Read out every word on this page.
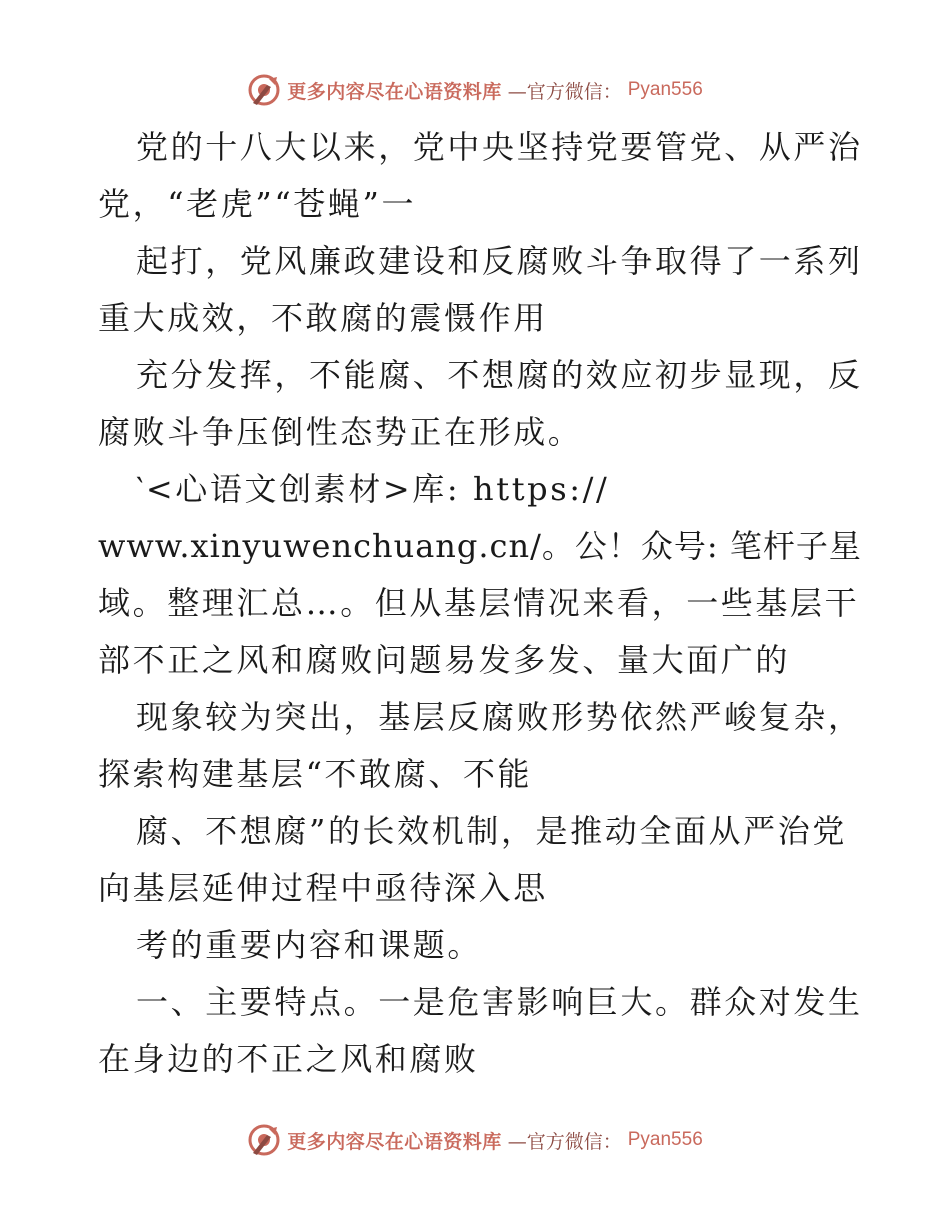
更多内容尽在心语资料库 —官方微信： Pyan556
党的十八大以来，党中央坚持党要管党、从严治
党，“老虎”“苍蝇”一
起打，党风廉政建设和反腐败斗争取得了一系列
重大成效，不敢腐的震慑作用
充分发挥，不能腐、不想腐的效应初步显现，反
腐败斗争压倒性态势正在形成。
‵<心语文创素材>库: https://
www.xinyuwenchuang.cn/。公！众号: 笔杆子星
域。整理汇总…。但从基层情况来看，一些基层干
部不正之风和腐败问题易发多发、量大面广的
现象较为突出，基层反腐败形势依然严峻复杂，
探索构建基层“不敢腐、不能
腐、不想腐”的长效机制，是推动全面从严治党
向基层延伸过程中亟待深入思
考的重要内容和课题。
一、主要特点。一是危害影响巨大。群众对发生
在身边的不正之风和腐败
更多内容尽在心语资料库 —官方微信： Pyan556
